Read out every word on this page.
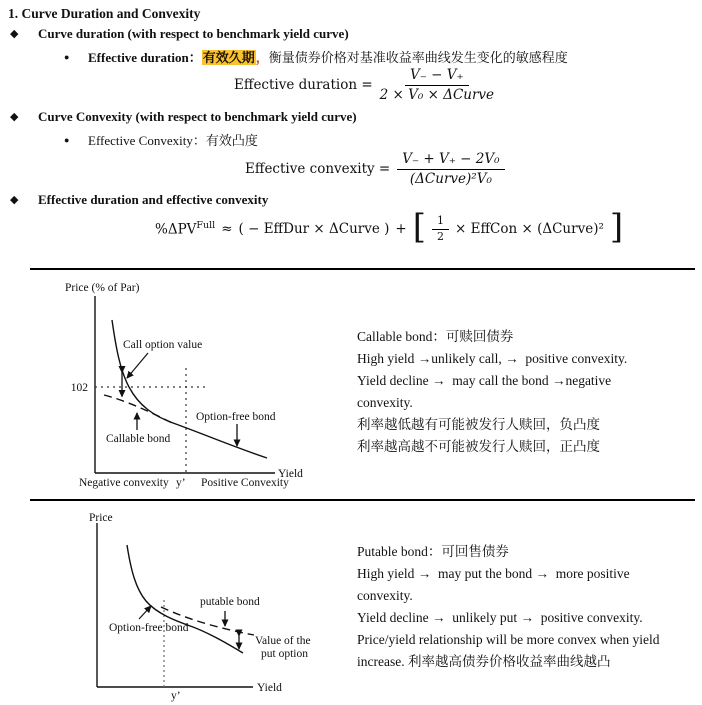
1. Curve Duration and Convexity
◆	Curve duration (with respect to benchmark yield curve)
●	Effective duration：有效久期，衡量债券价格对基准收益率曲线发生变化的敏感程度
Effective duration = $\frac{V_- - V_+}{\text{2 × V₀ × ΔCurve}}$
◆	Curve Convexity (with respect to benchmark yield curve)
●	Effective Convexity：有效凸度
Effective convexity = $\frac{\text{V₋ + V₊ − 2V₀}}{\text{(ΔCurve)²V₀}}$
◆	Effective duration and effective convexity
$\%\Delta PV^{Full}$ ≈ ( − EffDur × ΔCurve ) + [ $\frac{1}{2}$ × EffCon × (ΔCurve)² ]
Price (% of Par)
Yield
102
Call option value
Option-free bond
Callable bond
Negative convexity y’ Positive Convexity
Callable bond：可赎回债券
High yield →unlikely call, →  positive convexity.
Yield decline →  may call the bond →negative
convexity.
利率越低越有可能被发行人赎回，负凸度
利率越高越不可能被发行人赎回，正凸度
Price
Yield
putable bond
Option-free bond
Value of the
put option
y’
Putable bond：可回售债券
High yield →  may put the bond →  more positive
convexity.
Yield decline →  unlikely put →  positive convexity.
Price/yield relationship will be more convex when yield
increase. 利率越高债券价格收益率曲线越凸
